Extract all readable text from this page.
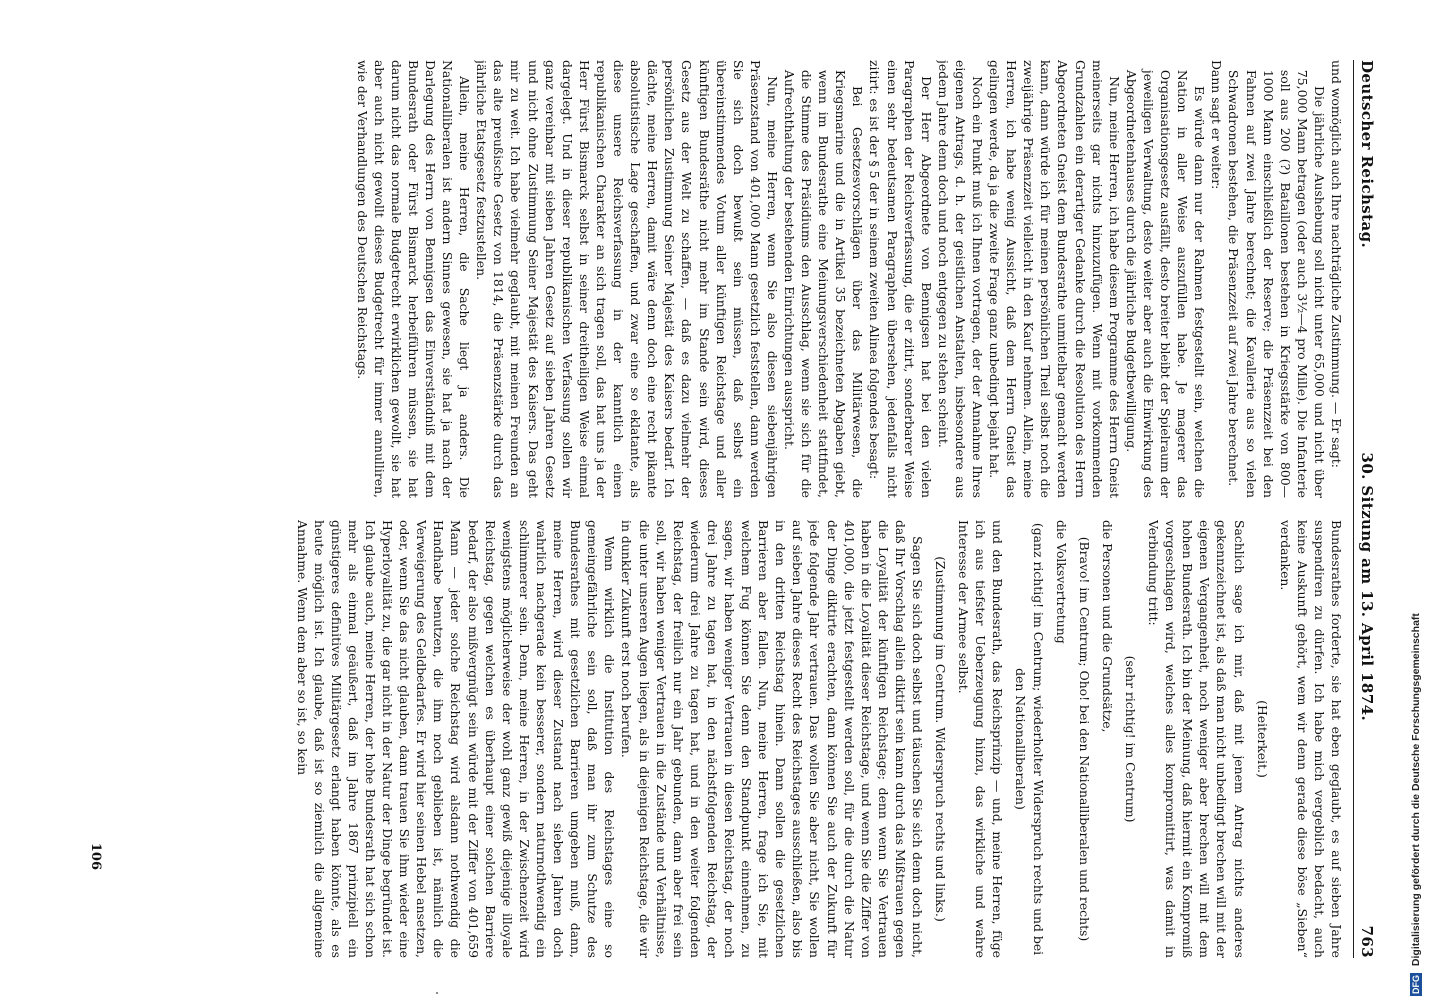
Deutscher Reichstag.
30. Sitzung am 13. April 1874.
763

und womöglich auch Ihre nachträgliche Zustimmung. — Er sagt:

Die jährliche Aushebung soll nicht unter 65,000 und nicht über 75,000 Mann betragen (oder auch 3½—4 pro Mille). Die Infanterie soll aus 200 (?) Bataillonen bestehen in Kriegsstärke von 800—1000 Mann einschließlich der Reserve; die Präsenzzeit bei den Fahnen auf zwei Jahre berechnet; die Kavallerie aus so vielen Schwadronen bestehen, die Präsenzzeit auf zwei Jahre berechnet.

Dann sagt er weiter:

Es würde dann nur der Rahmen festgestellt sein, welchen die Nation in aller Weise auszufüllen habe. Je magerer das Organisationsgesetz ausfällt, desto breiter bleibt der Spielraum der jeweiligen Verwaltung, desto weiter aber auch die Einwirkung des Abgeordnetenhauses durch die jährliche Budgetbewilligung.

Nun, meine Herren, ich habe diesem Programme des Herrn Gneist meinerseits gar nichts hinzuzufügen. Wenn mit vorkommenden Grundzahlen ein derartiger Gedanke durch die Resolution des Herrn Abgeordneten Gneist dem Bundesrathe unmittelbar gemacht werden kann, dann würde ich für meinen persönlichen Theil selbst noch die zweijährige Präsenzzeit vielleicht in den Kauf nehmen. Allein, meine Herren, ich habe wenig Aussicht, daß dem Herrn Gneist das gelingen werde, da ja die zweite Frage ganz unbedingt bejaht hat.

Noch ein Punkt muß ich Ihnen vortragen, der der Annahme Ihres eigenen Antrags, d. h. der geistlichen Anstalten, insbesondere aus jedem Jahre denn doch und noch entgegen zu stehen scheint.

Der Herr Abgeordnete von Bennigsen hat bei den vielen Paragraphen der Reichsverfassung, die er zitirt, sonderbarer Weise einen sehr bedeutsamen Paragraphen übersehen, jedenfalls nicht zitirt: es ist der § 5 der in seinem zweiten Alinea folgendes besagt:

Bei Gesetzesvorschlägen über das Militärwesen, die Kriegsmarine und die in Artikel 35 bezeichneten Abgaben giebt, wenn im Bundesrathe eine Meinungsverschiedenheit stattfindet, die Stimme des Präsidiums den Ausschlag, wenn sie sich für die Aufrechthaltung der bestehenden Einrichtungen ausspricht.

Nun, meine Herren, wenn Sie also diesen siebenjährigen Präsenzstand von 401,000 Mann gesetzlich feststellen, dann werden Sie sich doch bewußt sein müssen, daß selbst ein übereinstimmendes Votum aller künftigen Reichstage und aller künftigen Bundesräthe nicht mehr im Stande sein wird, dieses Gesetz aus der Welt zu schaffen, — daß es dazu vielmehr der persönlichen Zustimmung Seiner Majestät des Kaisers bedarf. Ich dächte, meine Herren, damit wäre denn doch eine recht pikante absolutistische Lage geschaffen, und zwar eine so eklatante, als diese unsere Reichsverfassung in der kanntlich einen republikanischen Charakter an sich tragen soll, das hat uns ja der Herr Fürst Bismarck selbst in seiner dreitheiligen Weise einmal dargelegt. Und in dieser republikanischen Verfassung sollen wir ganz vereinbar mit sieben Jahren Gesetz auf sieben Jahren Gesetz und nicht ohne Zustimmung Seiner Majestät des Kaisers. Das geht mir zu weit. Ich habe vielmehr geglaubt, mit meinen Freunden an das alte preußische Gesetz von 1814, die Präsenzstärke durch das jährliche Etatsgesetz festzustellen.

Allein, meine Herren, die Sache liegt ja anders. Die Nationalliberalen ist andern Sinnes gewesen, sie hat ja nach der Darlegung des Herrn von Bennigsen das Einverständniß mit dem Bundesrath oder Fürst Bismarck herbeiführen müssen, sie hat darum nicht das normale Budgetrecht erwirklichen gewollt, sie hat aber auch nicht gewollt dieses Budgetrecht für immer annulliren, wie der Verhandlungen des Deutschen Reichstags.

Bundesrathes forderte, sie hat eben geglaubt, es auf sieben Jahre suspendiren zu dürfen. Ich habe mich vergeblich bedacht, auch keine Auskunft gehört, wem wir denn gerade diese böse „Sieben“ verdanken.

(Heiterkeit.)

Sachlich sage ich mir, daß mit jenem Antrag nichts anderes gekennzeichnet ist, als daß man nicht unbedingt brechen will mit der eigenen Vergangenheit, noch weniger aber brechen will mit dem hohen Bundesrath. Ich bin der Meinung, daß hiermit ein Kompromiß vorgeschlagen wird, welches alles kompromittirt, was damit in Verbindung tritt:

(sehr richtig! im Centrum)

die Personen und die Grundsätze,

(Bravo! im Centrum; Oho! bei den Nationalliberalen und rechts)

die Volksvertretung

(ganz richtig! im Centrum; wiederholter Widerspruch rechts und bei den Nationalliberalen)

und den Bundesrath, das Reichsprinzip — und, meine Herren, füge ich aus tiefster Ueberzeugung hinzu, das wirkliche und wahre Interesse der Armee selbst.

(Zustimmung im Centrum. Widerspruch rechts und links.)

Sagen Sie sich doch selbst und täuschen Sie sich denn doch nicht, daß Ihr Vorschlag allein diktirt sein kann durch das Mißtrauen gegen die Loyalität der künftigen Reichstage; denn wenn Sie Vertrauen haben in die Loyalität dieser Reichstage, und wenn Sie die Ziffer von 401,000, die jetzt festgestellt werden soll, für die durch die Natur der Dinge diktirte erachten, dann können Sie auch der Zukunft für jede folgende Jahr vertrauen. Das wollen Sie aber nicht, Sie wollen auf sieben Jahre dieses Recht des Reichstages ausschließen, also bis in den dritten Reichstag hinein. Dann sollen die gesetzlichen Barrieren aber fallen. Nun, meine Herren, frage ich Sie, mit welchem Fug können Sie denn den Standpunkt einnehmen, zu sagen, wir haben weniger Vertrauen in diesen Reichstag, der noch drei Jahre zu tagen hat, in den nächstfolgenden Reichstag, der wiederum drei Jahre zu tagen hat, und in den weiter folgenden Reichstag, der freilich nur ein Jahr gebunden, dann aber frei sein soll, wir haben weniger Vertrauen in die Zustände und Verhältnisse, die unter unseren Augen liegen, als in diejenigen Reichstage, die wir in dunkler Zukunft erst noch berufen.

Wenn wirklich die Institution des Reichstages eine so gemeingefährliche sein soll, daß man ihr zum Schutze des Bundesrathes mit gesetzlichen Barrieren umgeben muß, dann, meine Herren, wird dieser Zustand nach sieben Jahren doch wahrlich nachgerade kein besserer, sondern naturnothwendig ein schlimmerer sein. Denn, meine Herren, in der Zwischenzeit wird wenigstens möglicherweise der wohl ganz gewiß diejenige illoyale Reichstag, gegen welchen es überhaupt einer solchen Barriere bedarf, der also mißvergnügt sein würde mit der Ziffer von 401,659 Mann — jeder solche Reichstag wird alsdann nothwendig die Handhabe benutzen, die ihm noch geblieben ist, nämlich die Verweigerung des Geldbedarfes. Er wird hier seinen Hebel ansetzen, oder, wenn Sie das nicht glauben, dann trauen Sie ihm wieder eine Hyperloyalität zu, die gar nicht in der Natur der Dinge begründet ist. Ich glaube auch, meine Herren, der hohe Bundesrath hat sich schon mehr als einmal geäußert, daß im Jahre 1867 prinzipiell ein günstigeres definitives Militärgesetz erlangt haben könnte, als es heute möglich ist. Ich glaube, daß ist so ziemlich die allgemeine Annahme. Wenn dem aber so ist, so kein

106
DFG Digitalisierung gefördert durch die Deutsche Forschungsgemeinschaft
